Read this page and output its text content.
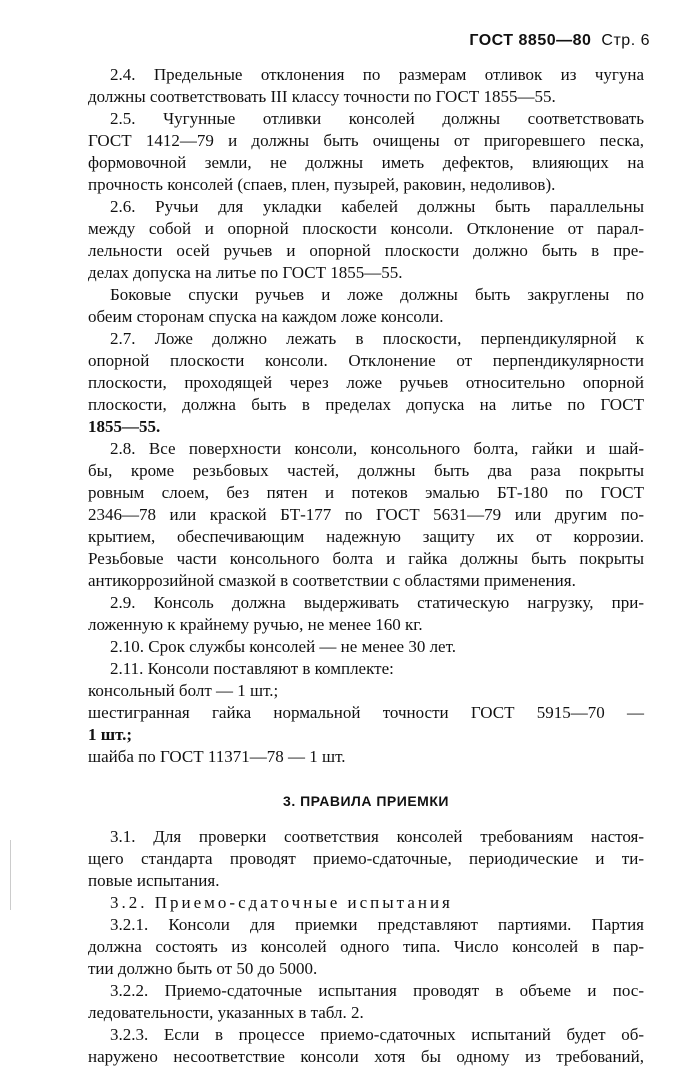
ГОСТ 8850—80 Стр. 6
2.4. Предельные отклонения по размерам отливок из чугуна
должны соответствовать III классу точности по ГОСТ 1855—55.
2.5. Чугунные отливки консолей должны соответствовать
ГОСТ 1412—79 и должны быть очищены от пригоревшего песка,
формовочной земли, не должны иметь дефектов, влияющих на
прочность консолей (спаев, плен, пузырей, раковин, недоливов).
2.6. Ручьи для укладки кабелей должны быть параллельны
между собой и опорной плоскости консоли. Отклонение от парал-
лельности осей ручьев и опорной плоскости должно быть в пре-
делах допуска на литье по ГОСТ 1855—55.
Боковые спуски ручьев и ложе должны быть закруглены по
обеим сторонам спуска на каждом ложе консоли.
2.7. Ложе должно лежать в плоскости, перпендикулярной к
опорной плоскости консоли. Отклонение от перпендикулярности
плоскости, проходящей через ложе ручьев относительно опорной
плоскости, должна быть в пределах допуска на литье по ГОСТ
1855—55.
2.8. Все поверхности консоли, консольного болта, гайки и шай-
бы, кроме резьбовых частей, должны быть два раза покрыты
ровным слоем, без пятен и потеков эмалью БТ-180 по ГОСТ
2346—78 или краской БТ-177 по ГОСТ 5631—79 или другим по-
крытием, обеспечивающим надежную защиту их от коррозии.
Резьбовые части консольного болта и гайка должны быть покрыты
антикоррозийной смазкой в соответствии с областями применения.
2.9. Консоль должна выдерживать статическую нагрузку, при-
ложенную к крайнему ручью, не менее 160 кг.
2.10. Срок службы консолей — не менее 30 лет.
2.11. Консоли поставляют в комплекте:
консольный болт — 1 шт.;
шестигранная гайка нормальной точности ГОСТ 5915—70 —
1 шт.;
шайба по ГОСТ 11371—78 — 1 шт.
3. ПРАВИЛА ПРИЕМКИ
3.1. Для проверки соответствия консолей требованиям настоя-
щего стандарта проводят приемо-сдаточные, периодические и ти-
повые испытания.
3.2. Приемо-сдаточные испытания
3.2.1. Консоли для приемки представляют партиями. Партия
должна состоять из консолей одного типа. Число консолей в пар-
тии должно быть от 50 до 5000.
3.2.2. Приемо-сдаточные испытания проводят в объеме и пос-
ледовательности, указанных в табл. 2.
3.2.3. Если в процессе приемо-сдаточных испытаний будет об-
наружено несоответствие консоли хотя бы одному из требований,
